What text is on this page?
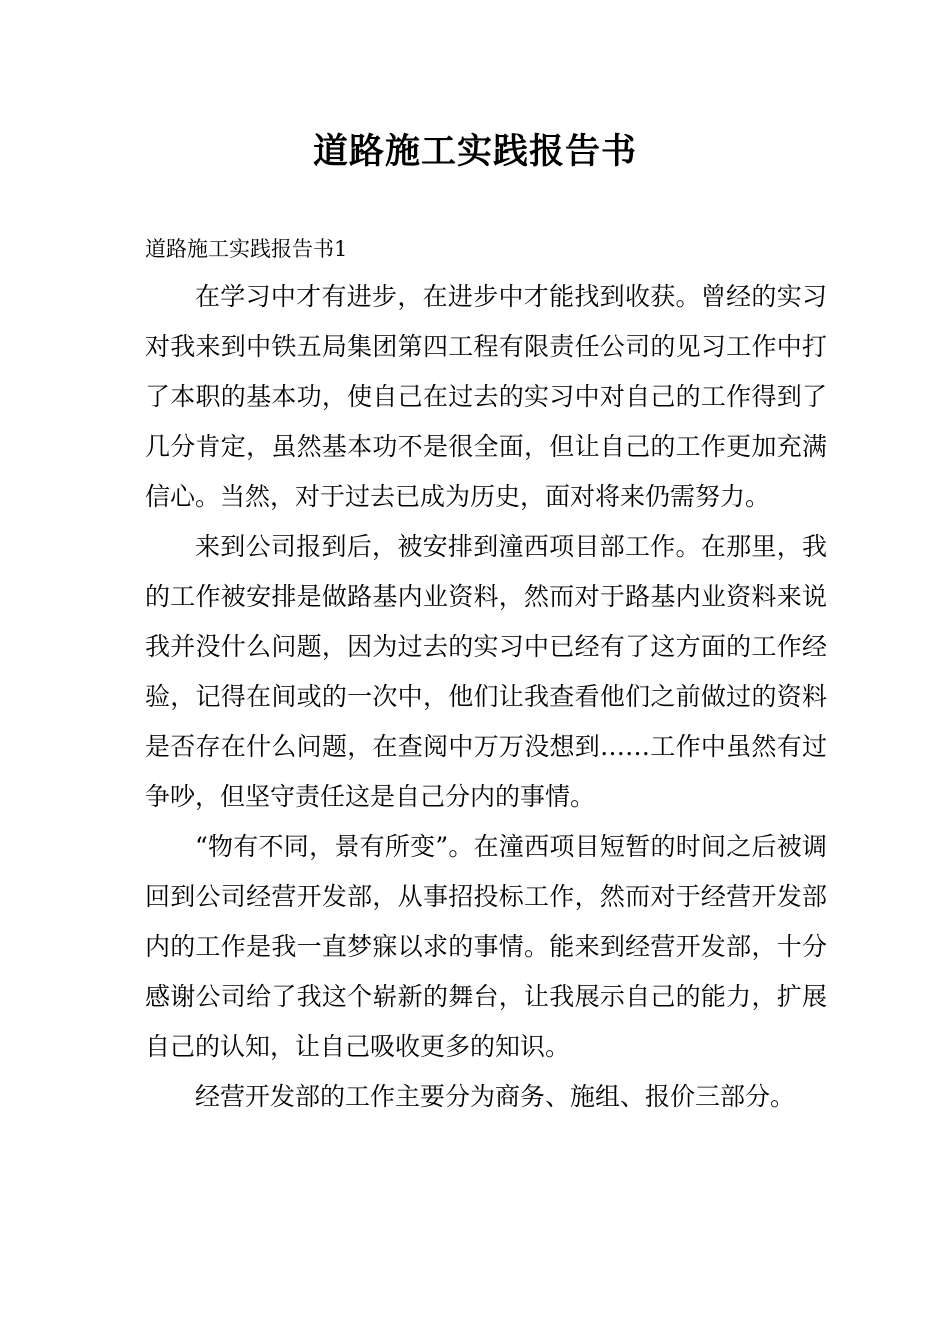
道路施工实践报告书

道路施工实践报告书1

在学习中才有进步，在进步中才能找到收获。曾经的实习对我来到中铁五局集团第四工程有限责任公司的见习工作中打了本职的基本功，使自己在过去的实习中对自己的工作得到了几分肯定，虽然基本功不是很全面，但让自己的工作更加充满信心。当然，对于过去已成为历史，面对将来仍需努力。

来到公司报到后，被安排到潼西项目部工作。在那里，我的工作被安排是做路基内业资料，然而对于路基内业资料来说我并没什么问题，因为过去的实习中已经有了这方面的工作经验，记得在间或的一次中，他们让我查看他们之前做过的资料是否存在什么问题，在查阅中万万没想到……工作中虽然有过争吵，但坚守责任这是自己分内的事情。

“物有不同，景有所变”。在潼西项目短暂的时间之后被调回到公司经营开发部，从事招投标工作，然而对于经营开发部内的工作是我一直梦寐以求的事情。能来到经营开发部，十分感谢公司给了我这个崭新的舞台，让我展示自己的能力，扩展自己的认知，让自己吸收更多的知识。

经营开发部的工作主要分为商务、施组、报价三部分。
